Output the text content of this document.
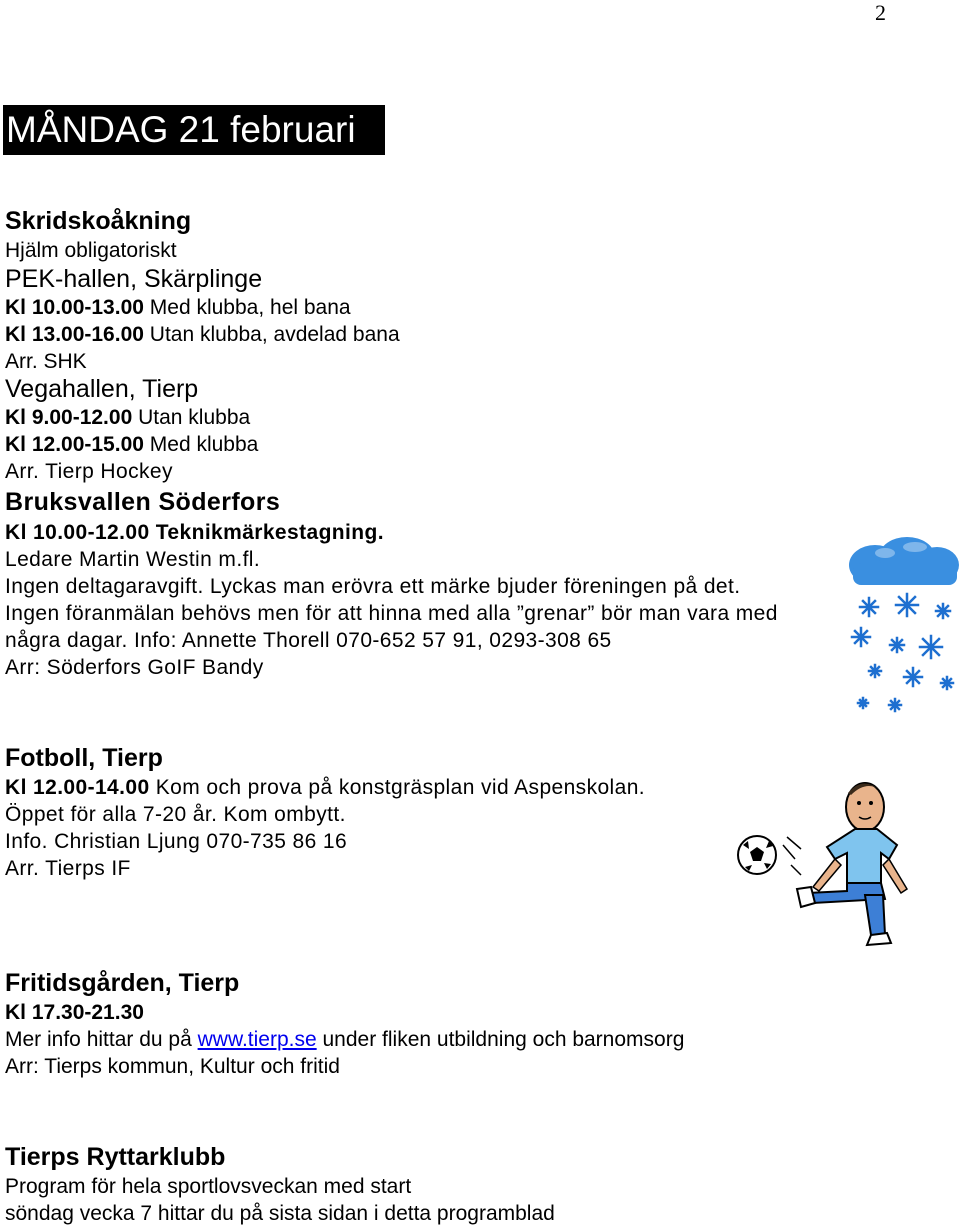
2
MÅNDAG 21 februari
Skridskoåkning
Hjälm obligatoriskt
PEK-hallen, Skärplinge
Kl 10.00-13.00 Med klubba, hel bana
Kl 13.00-16.00 Utan klubba, avdelad bana
Arr. SHK
Vegahallen, Tierp
Kl 9.00-12.00 Utan klubba
Kl 12.00-15.00 Med klubba
Arr. Tierp Hockey
Bruksvallen Söderfors
Kl 10.00-12.00 Teknikmärkestagning.
Ledare Martin Westin m.fl.
Ingen deltagaravgift. Lyckas man erövra ett märke bjuder föreningen på det.
Ingen föranmälan behövs men för att hinna med alla ”grenar” bör man vara med
några dagar. Info: Annette Thorell 070-652 57 91, 0293-308 65
Arr: Söderfors GoIF Bandy
Fotboll, Tierp
Kl 12.00-14.00 Kom och prova på konstgräsplan vid Aspenskolan.
Öppet för alla 7-20 år. Kom ombytt.
Info. Christian Ljung 070-735 86 16
Arr. Tierps IF
Fritidsgården, Tierp
Kl 17.30-21.30
Mer info hittar du på www.tierp.se under fliken utbildning och barnomsorg
Arr: Tierps kommun, Kultur och fritid
Tierps Ryttarklubb
Program för hela sportlovsveckan med start
söndag vecka 7 hittar du på sista sidan i detta programblad
